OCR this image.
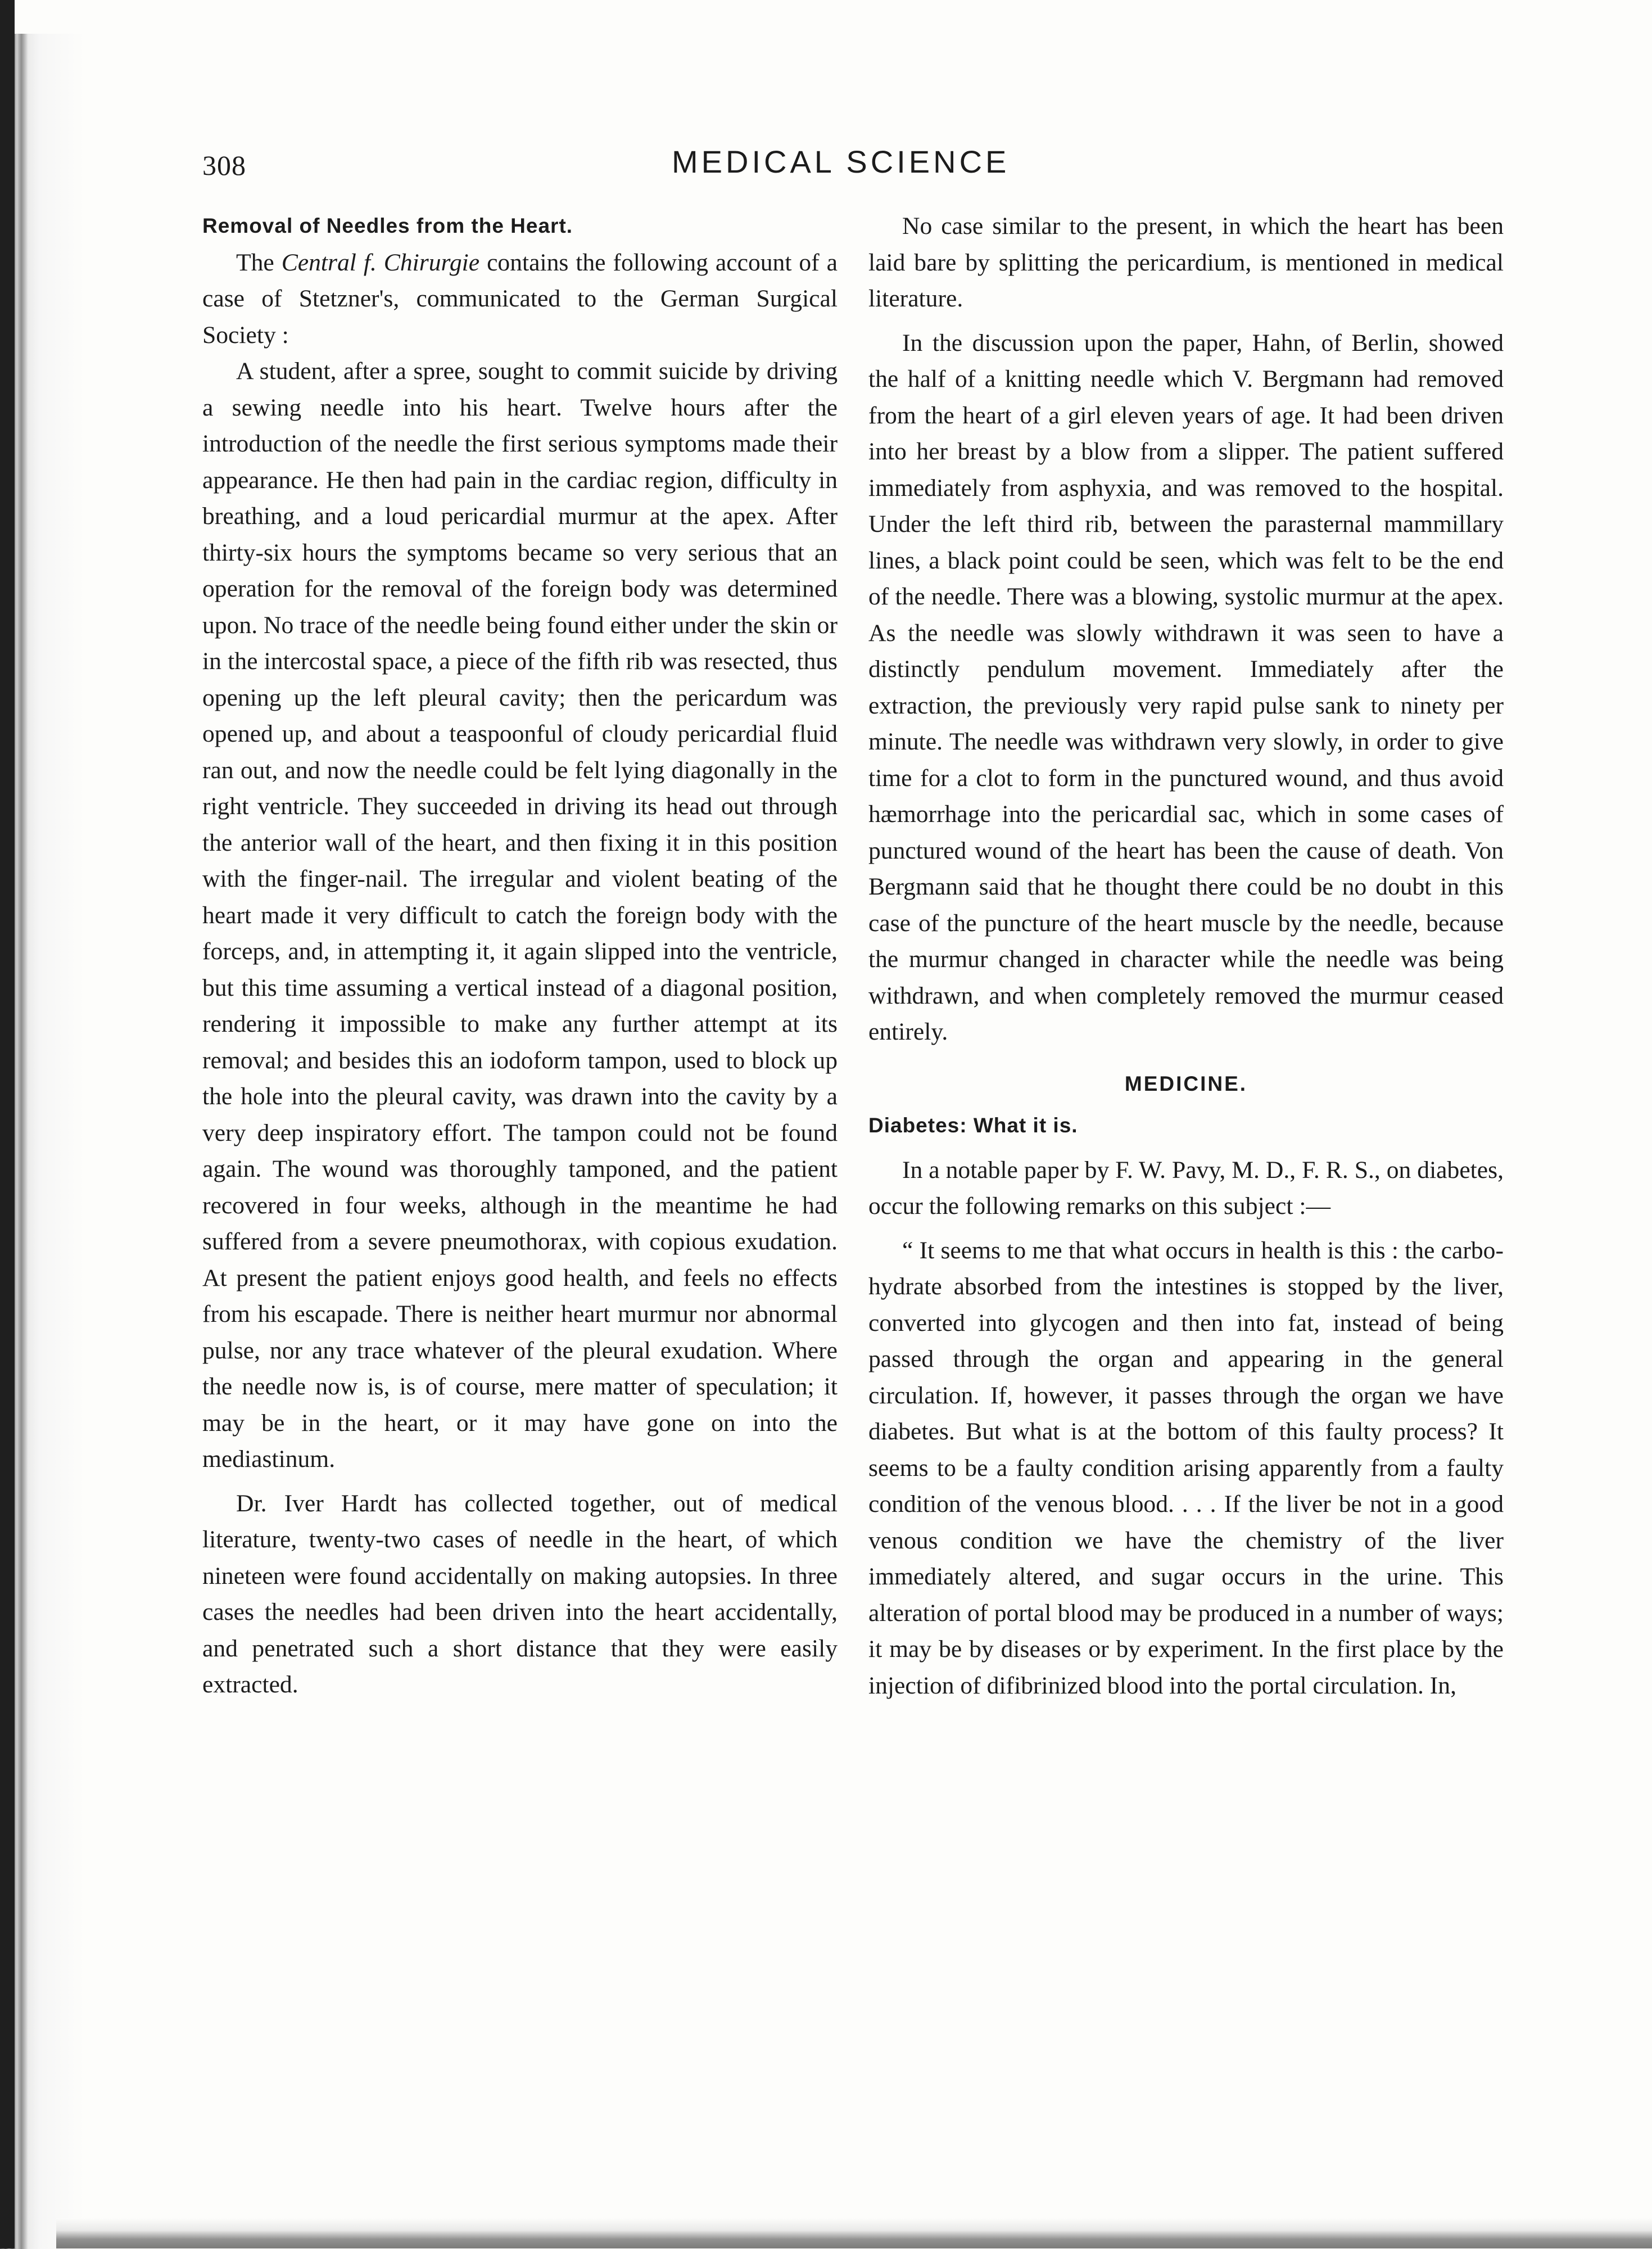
308	MEDICAL SCIENCE
Removal of Needles from the Heart.

The Central f. Chirurgie contains the following account of a case of Stetzner's, communicated to the German Surgical Society :

A student, after a spree, sought to commit suicide by driving a sewing needle into his heart. Twelve hours after the introduction of the needle the first serious symptoms made their appearance. He then had pain in the cardiac region, difficulty in breathing, and a loud pericardial murmur at the apex. After thirty-six hours the symptoms became so very serious that an operation for the removal of the foreign body was determined upon. No trace of the needle being found either under the skin or in the intercostal space, a piece of the fifth rib was resected, thus opening up the left pleural cavity; then the pericardum was opened up, and about a teaspoonful of cloudy pericardial fluid ran out, and now the needle could be felt lying diagonally in the right ventricle. They succeeded in driving its head out through the anterior wall of the heart, and then fixing it in this position with the finger-nail. The irregular and violent beating of the heart made it very difficult to catch the foreign body with the forceps, and, in attempting it, it again slipped into the ventricle, but this time assuming a vertical instead of a diagonal position, rendering it impossible to make any further attempt at its removal; and besides this an iodoform tampon, used to block up the hole into the pleural cavity, was drawn into the cavity by a very deep inspiratory effort. The tampon could not be found again. The wound was thoroughly tamponed, and the patient recovered in four weeks, although in the meantime he had suffered from a severe pneumothorax, with copious exudation. At present the patient enjoys good health, and feels no effects from his escapade. There is neither heart murmur nor abnormal pulse, nor any trace whatever of the pleural exudation. Where the needle now is, is of course, mere matter of speculation; it may be in the heart, or it may have gone on into the mediastinum.

Dr. Iver Hardt has collected together, out of medical literature, twenty-two cases of needle in the heart, of which nineteen were found accidentally on making autopsies. In three cases the needles had been driven into the heart accidentally, and penetrated such a short distance that they were easily extracted.

No case similar to the present, in which the heart has been laid bare by splitting the pericardium, is mentioned in medical literature.

In the discussion upon the paper, Hahn, of Berlin, showed the half of a knitting needle which V. Bergmann had removed from the heart of a girl eleven years of age. It had been driven into her breast by a blow from a slipper. The patient suffered immediately from asphyxia, and was removed to the hospital. Under the left third rib, between the parasternal mammillary lines, a black point could be seen, which was felt to be the end of the needle. There was a blowing, systolic murmur at the apex. As the needle was slowly withdrawn it was seen to have a distinctly pendulum movement. Immediately after the extraction, the previously very rapid pulse sank to ninety per minute. The needle was withdrawn very slowly, in order to give time for a clot to form in the punctured wound, and thus avoid hæmorrhage into the pericardial sac, which in some cases of punctured wound of the heart has been the cause of death. Von Bergmann said that he thought there could be no doubt in this case of the puncture of the heart muscle by the needle, because the murmur changed in character while the needle was being withdrawn, and when completely removed the murmur ceased entirely.

MEDICINE.
Diabetes: What it is.

In a notable paper by F. W. Pavy, M. D., F. R. S., on diabetes, occur the following remarks on this subject :—

“ It seems to me that what occurs in health is this : the carbo-hydrate absorbed from the intestines is stopped by the liver, converted into glycogen and then into fat, instead of being passed through the organ and appearing in the general circulation. If, however, it passes through the organ we have diabetes. But what is at the bottom of this faulty process? It seems to be a faulty condition arising apparently from a faulty condition of the venous blood. . . . If the liver be not in a good venous condition we have the chemistry of the liver immediately altered, and sugar occurs in the urine. This alteration of portal blood may be produced in a number of ways; it may be by diseases or by experiment. In the first place by the injection of difibrinized blood into the portal circulation. In,
